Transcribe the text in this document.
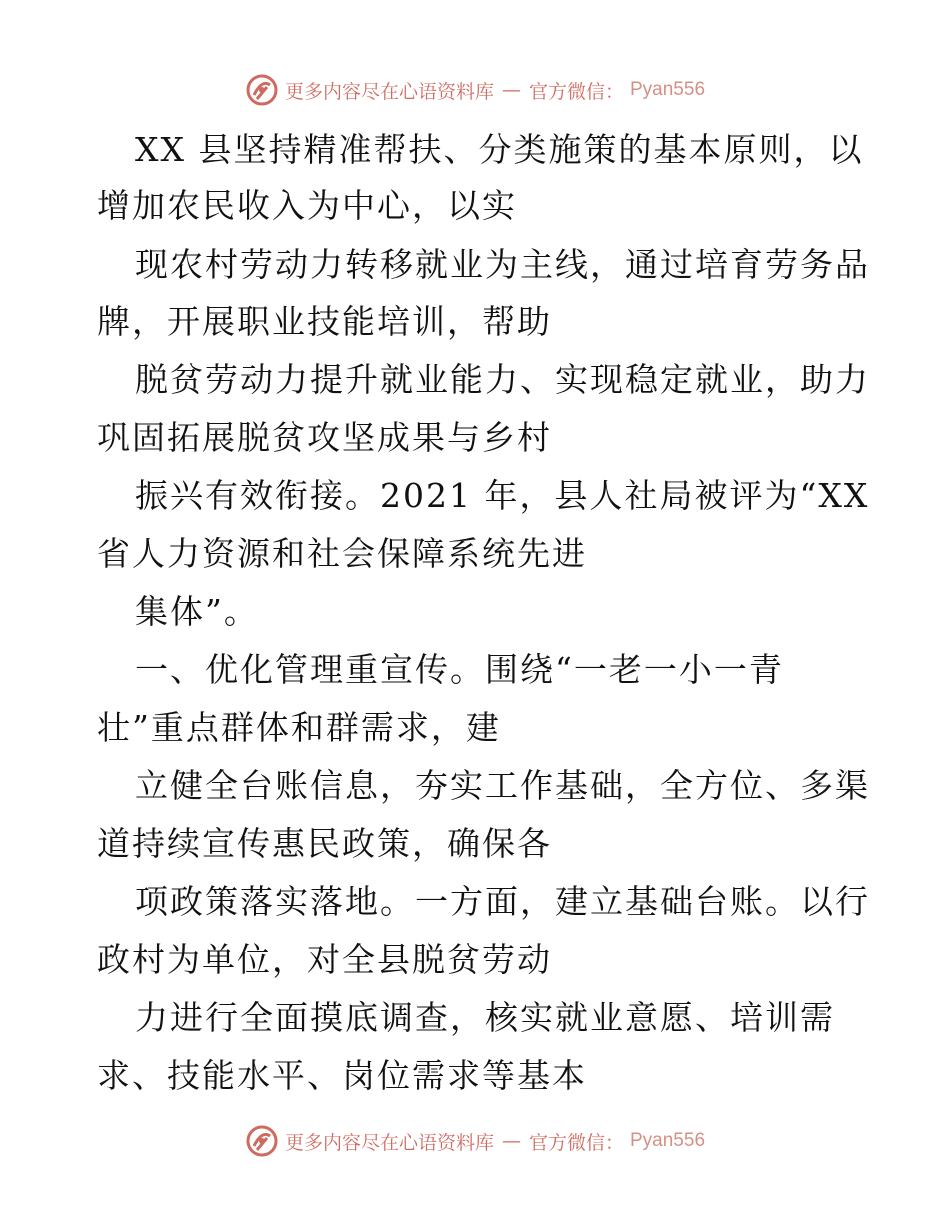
更多内容尽在心语资料库 — 官方微信： Pyan556
XX 县坚持精准帮扶、分类施策的基本原则，以
增加农民收入为中心，以实
现农村劳动力转移就业为主线，通过培育劳务品
牌，开展职业技能培训，帮助
脱贫劳动力提升就业能力、实现稳定就业，助力
巩固拓展脱贫攻坚成果与乡村
振兴有效衔接。2021 年，县人社局被评为“XX
省人力资源和社会保障系统先进
集体”。
一、优化管理重宣传。围绕“一老一小一青
壮”重点群体和群需求，建
立健全台账信息，夯实工作基础，全方位、多渠
道持续宣传惠民政策，确保各
项政策落实落地。一方面，建立基础台账。以行
政村为单位，对全县脱贫劳动
力进行全面摸底调查，核实就业意愿、培训需
求、技能水平、岗位需求等基本
更多内容尽在心语资料库 — 官方微信： Pyan556
